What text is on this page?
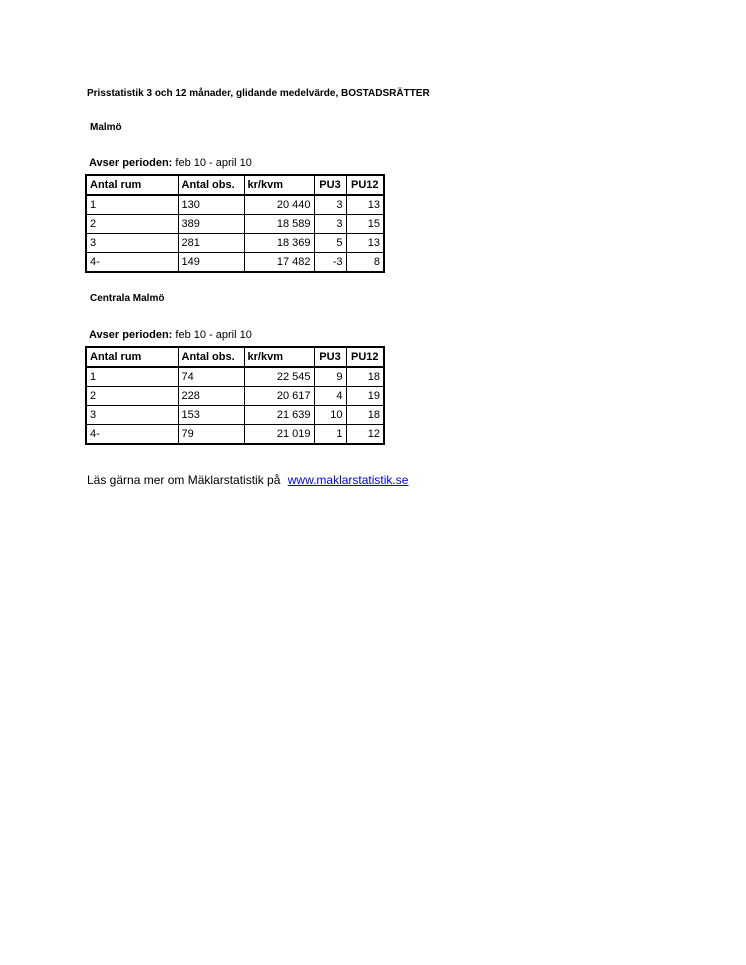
Prisstatistik 3 och 12 månader, glidande medelvärde, BOSTADSRÄTTER
Malmö
Avser perioden: feb 10 - april 10
Antal rum	Antal obs.	kr/kvm	PU3	PU12
1	130	20 440	3	13
2	389	18 589	3	15
3	281	18 369	5	13
4-	149	17 482	-3	8
Centrala Malmö
Avser perioden: feb 10 - april 10
Antal rum	Antal obs.	kr/kvm	PU3	PU12
1	74	22 545	9	18
2	228	20 617	4	19
3	153	21 639	10	18
4-	79	21 019	1	12
Läs gärna mer om Mäklarstatistik på www.maklarstatistik.se
